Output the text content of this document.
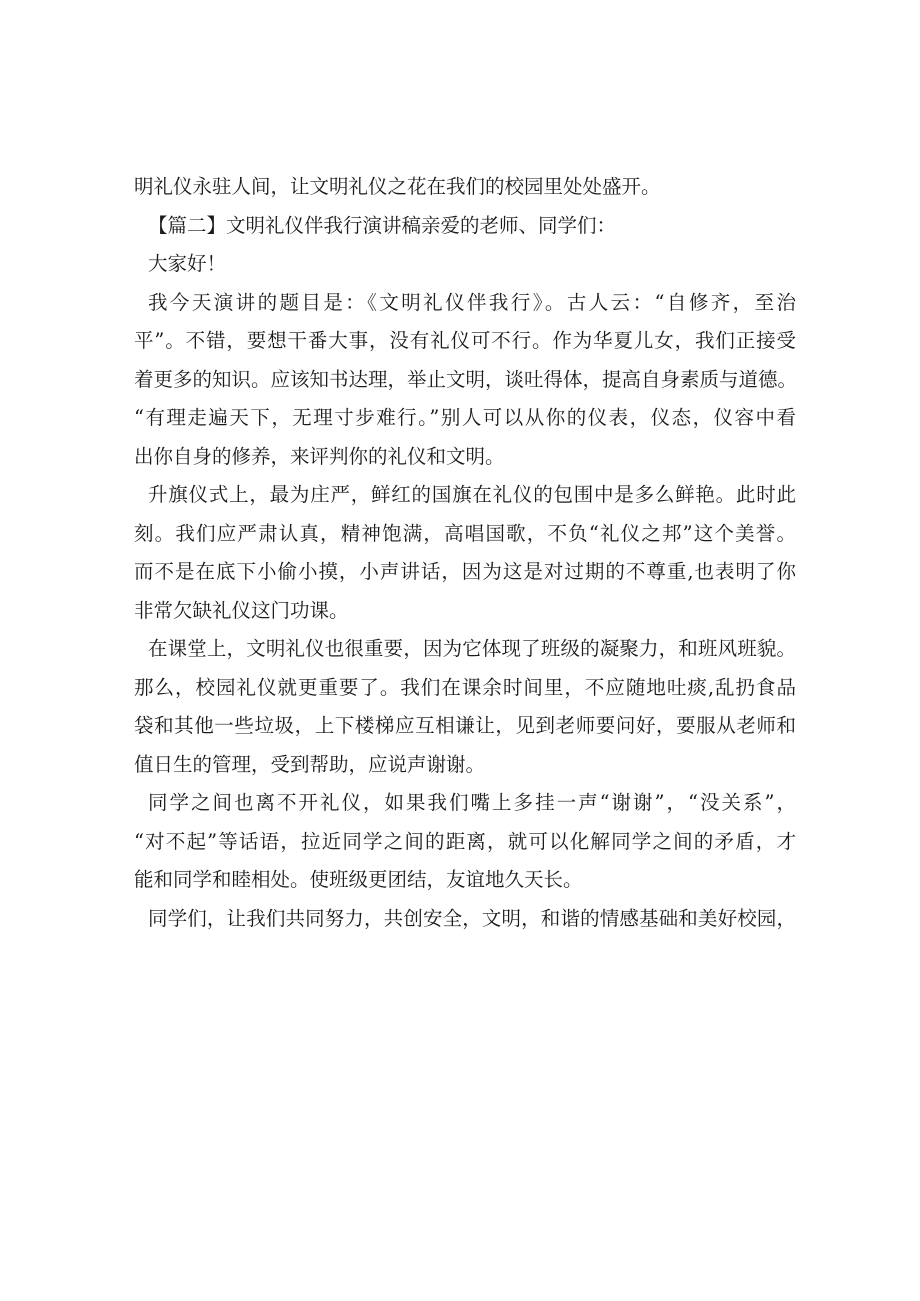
明礼仪永驻人间，让文明礼仪之花在我们的校园里处处盛开。
【篇二】文明礼仪伴我行演讲稿亲爱的老师、同学们：
大家好！
我今天演讲的题目是：《文明礼仪伴我行》。古人云：“自修齐，至治
平”。不错，要想干番大事，没有礼仪可不行。作为华夏儿女，我们正接受
着更多的知识。应该知书达理，举止文明，谈吐得体，提高自身素质与道德。
“有理走遍天下，无理寸步难行。”别人可以从你的仪表，仪态，仪容中看
出你自身的修养，来评判你的礼仪和文明。
升旗仪式上，最为庄严，鲜红的国旗在礼仪的包围中是多么鲜艳。此时此
刻。我们应严肃认真，精神饱满，高唱国歌，不负“礼仪之邦”这个美誉。
而不是在底下小偷小摸，小声讲话，因为这是对过期的不尊重,也表明了你
非常欠缺礼仪这门功课。
在课堂上，文明礼仪也很重要，因为它体现了班级的凝聚力，和班风班貌。
那么，校园礼仪就更重要了。我们在课余时间里，不应随地吐痰,乱扔食品
袋和其他一些垃圾，上下楼梯应互相谦让，见到老师要问好，要服从老师和
值日生的管理，受到帮助，应说声谢谢。
同学之间也离不开礼仪，如果我们嘴上多挂一声“谢谢”，“没关系”，
“对不起”等话语，拉近同学之间的距离，就可以化解同学之间的矛盾，才
能和同学和睦相处。使班级更团结，友谊地久天长。
同学们，让我们共同努力，共创安全，文明，和谐的情感基础和美好校园，
